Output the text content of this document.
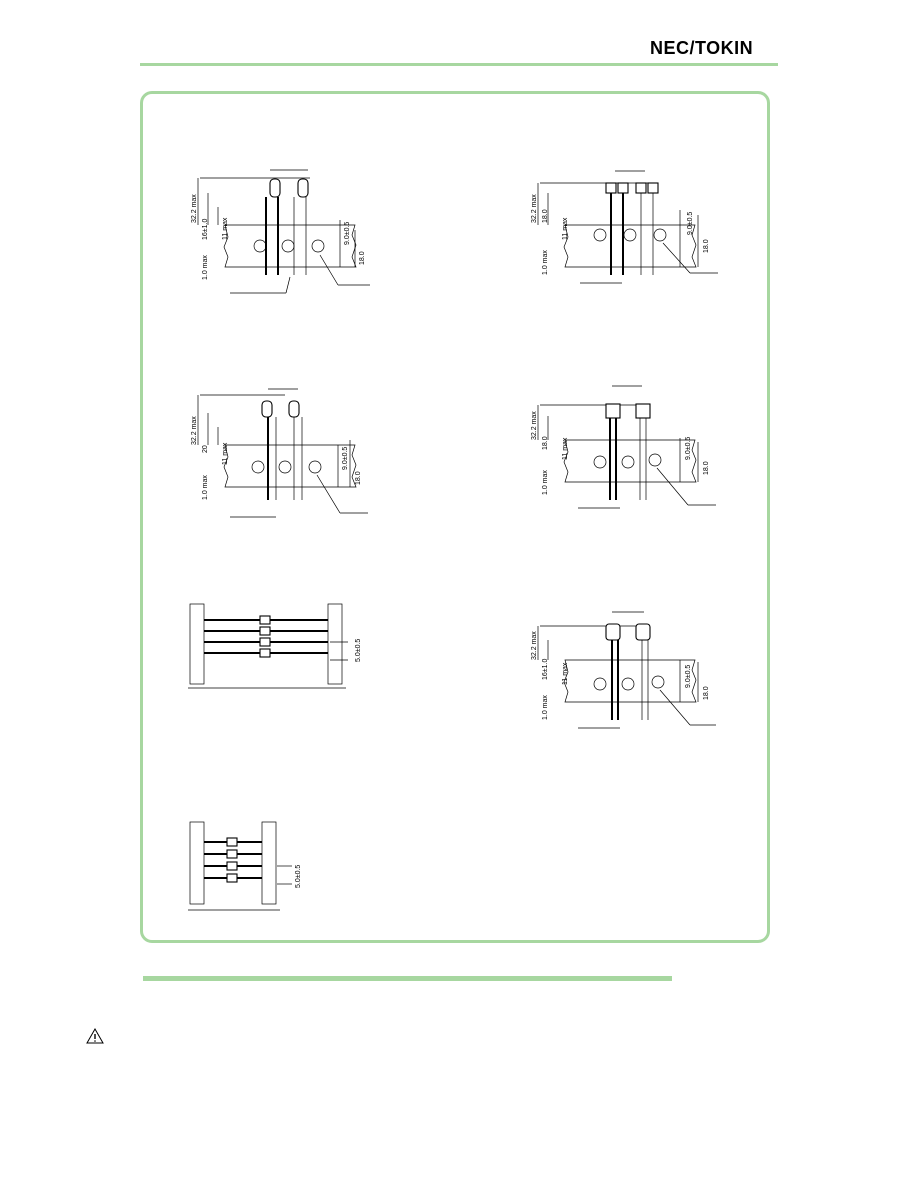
NEC/TOKIN
32.2 max
16±1.0 11 max
1.0 max
9.0±0.5
18.0
32.2 max 18.0
11 max
1.0 max
9.0±0.5
18.0
32.2 max
20 11 max
1.0 max
9.0±0.5
18.0
32.2 max
18.0 11 max
1.0 max
9.0±0.5
18.0
5.0±0.5	32.2 max
16±1.0 11 max
1.0 max
9.0±0.5
18.0
5.0±0.5
